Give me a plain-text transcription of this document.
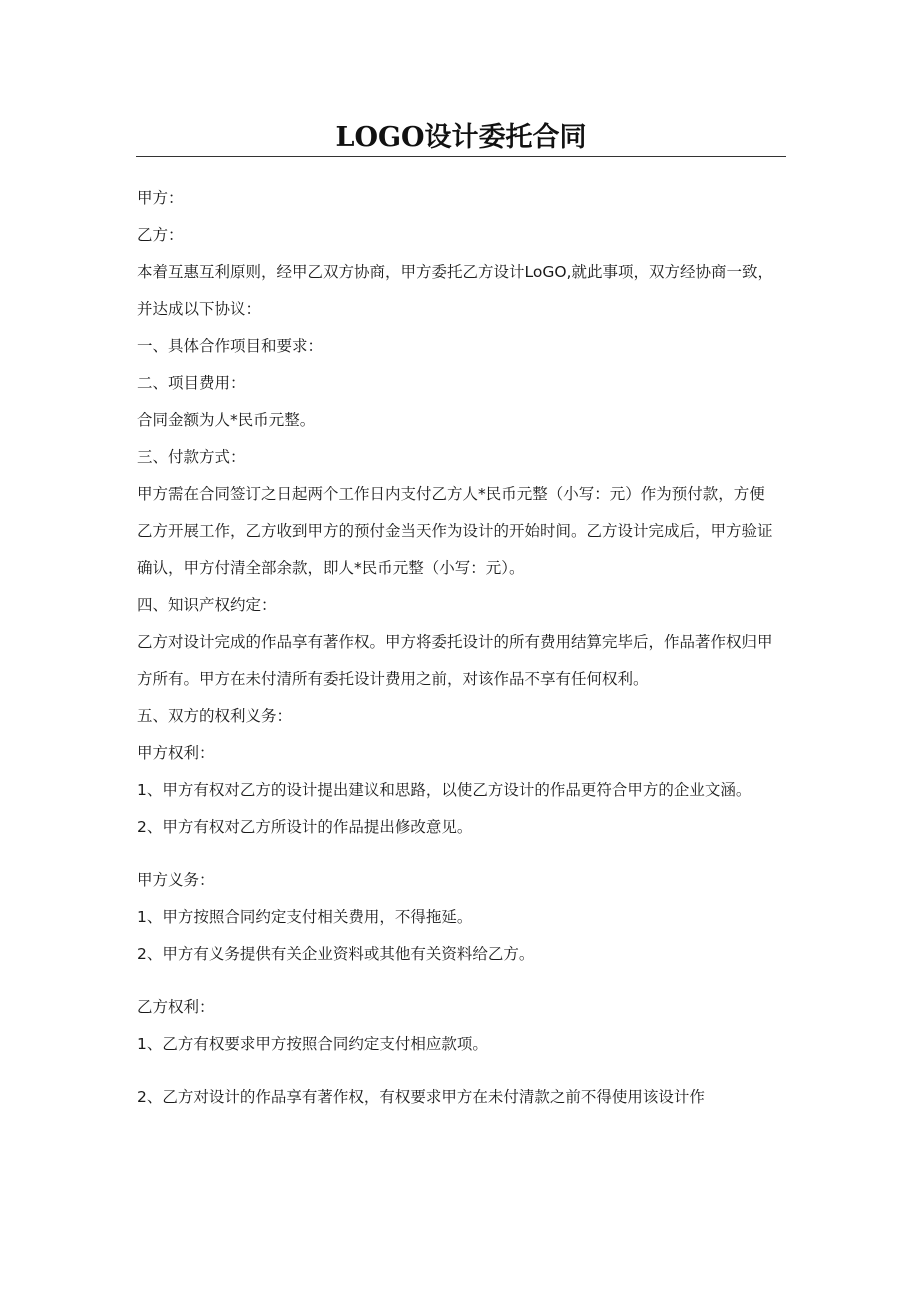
LOGO设计委托合同

甲方：

乙方：

本着互惠互利原则，经甲乙双方协商，甲方委托乙方设计LoGO,就此事项，双方经协商一致，并达成以下协议：

一、具体合作项目和要求：

二、项目费用：

合同金额为人*民币元整。

三、付款方式：

甲方需在合同签订之日起两个工作日内支付乙方人*民币元整（小写：元）作为预付款，方便乙方开展工作，乙方收到甲方的预付金当天作为设计的开始时间。乙方设计完成后，甲方验证确认，甲方付清全部余款，即人*民币元整（小写：元）。

四、知识产权约定：

乙方对设计完成的作品享有著作权。甲方将委托设计的所有费用结算完毕后，作品著作权归甲方所有。甲方在未付清所有委托设计费用之前，对该作品不享有任何权利。

五、双方的权利义务：

甲方权利：

1、甲方有权对乙方的设计提出建议和思路，以使乙方设计的作品更符合甲方的企业文涵。

2、甲方有权对乙方所设计的作品提出修改意见。

甲方义务：

1、甲方按照合同约定支付相关费用，不得拖延。

2、甲方有义务提供有关企业资料或其他有关资料给乙方。

乙方权利：

1、乙方有权要求甲方按照合同约定支付相应款项。

2、乙方对设计的作品享有著作权，有权要求甲方在未付清款之前不得使用该设计作
